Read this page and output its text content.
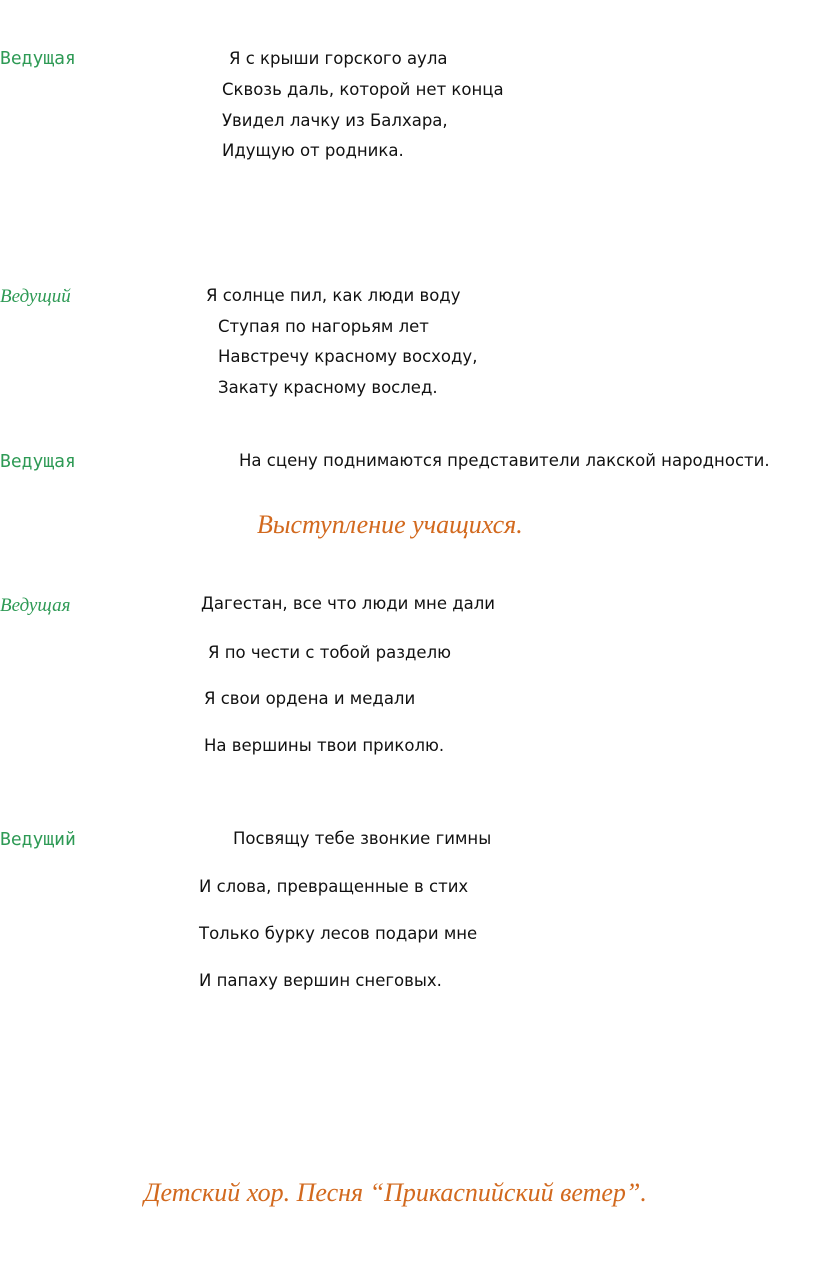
Ведущая	Я с крыши горского аула
Сквозь даль, которой нет конца
Увидел лачку из Балхара,
Идущую от родника.
Ведущий	Я солнце пил, как люди воду
Ступая по нагорьям лет
Навстречу красному восходу,
Закату красному вослед.
Ведущая	На сцену поднимаются представители лакской народности.
Выступление учащихся.
Ведущая	Дагестан, все что люди мне дали
Я по чести с тобой разделю
Я свои ордена и медали
На вершины твои приколю.
Ведущий	Посвящу тебе звонкие гимны
И слова, превращенные в стих
Только бурку лесов подари мне
И папаху вершин снеговых.
Детский хор. Песня “Прикаспийский ветер”.
